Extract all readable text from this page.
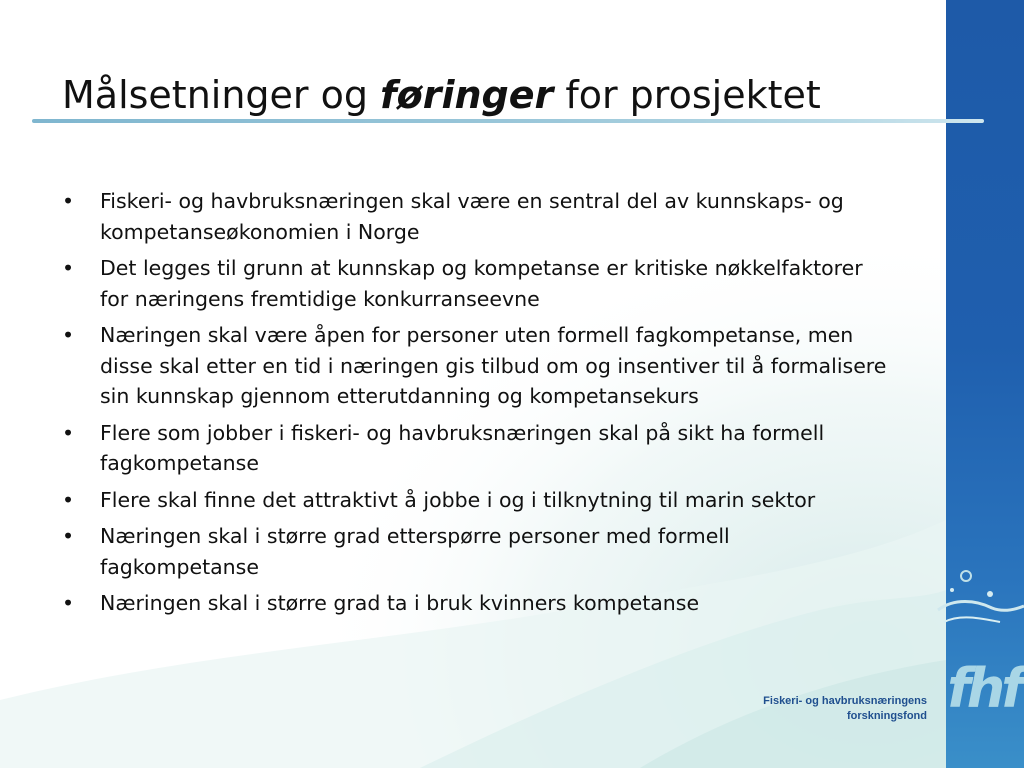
Målsetninger og føringer for prosjektet
•	Fiskeri- og havbruksnæringen skal være en sentral del av kunnskaps- og kompetanseøkonomien i Norge
•	Det legges til grunn at kunnskap og kompetanse er kritiske nøkkelfaktorer for næringens fremtidige konkurranseevne
•	Næringen skal være åpen for personer uten formell fagkompetanse, men disse skal etter en tid i næringen gis tilbud om og insentiver til å formalisere sin kunnskap gjennom etterutdanning og kompetansekurs
•	Flere som jobber i fiskeri- og havbruksnæringen skal på sikt ha formell fagkompetanse
•	Flere skal finne det attraktivt å jobbe i og i tilknytning til marin sektor
•	Næringen skal i større grad etterspørre personer med formell fagkompetanse
•	Næringen skal i større grad ta i bruk kvinners kompetanse
fhf
Fiskeri- og havbruksnæringens
forskningsfond
